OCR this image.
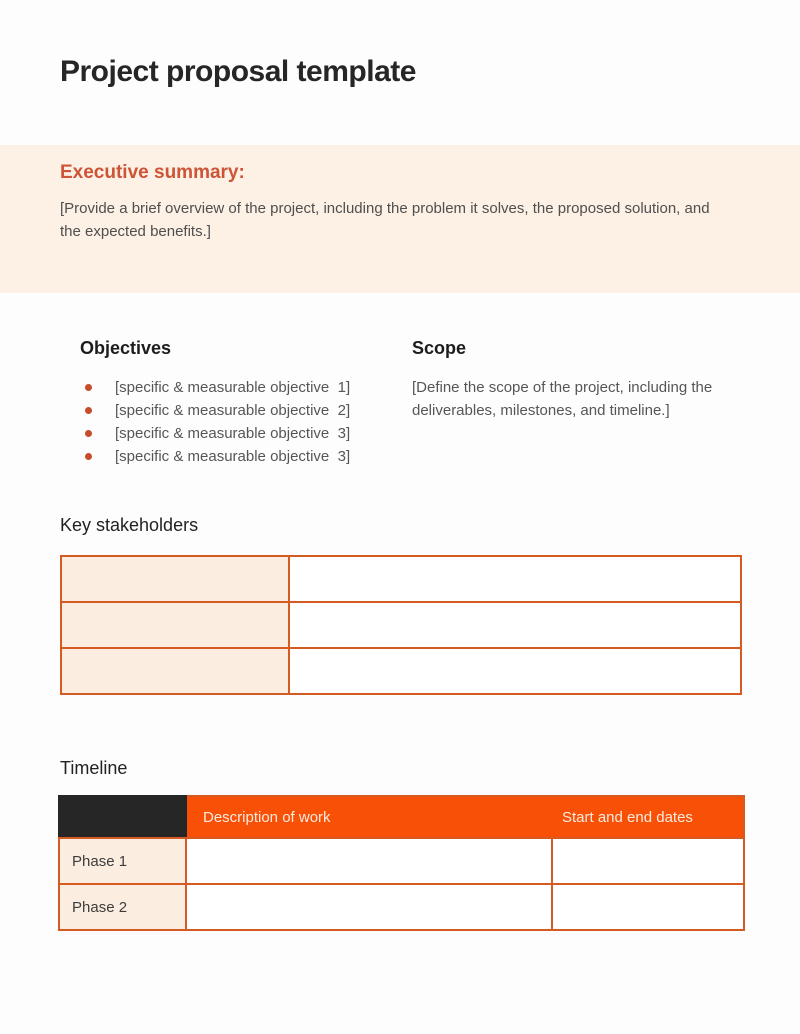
Project proposal template
Executive summary:

[Provide a brief overview of the project, including the problem it solves, the proposed solution, and the expected benefits.]

Objectives
[specific & measurable objective  1]
[specific & measurable objective  2]
[specific & measurable objective  3]
[specific & measurable objective  3]
Scope

[Define the scope of the project, including the deliverables, milestones, and timeline.]

Key stakeholders

Timeline
	Description of work	Start and end dates
Phase 1		
Phase 2		
